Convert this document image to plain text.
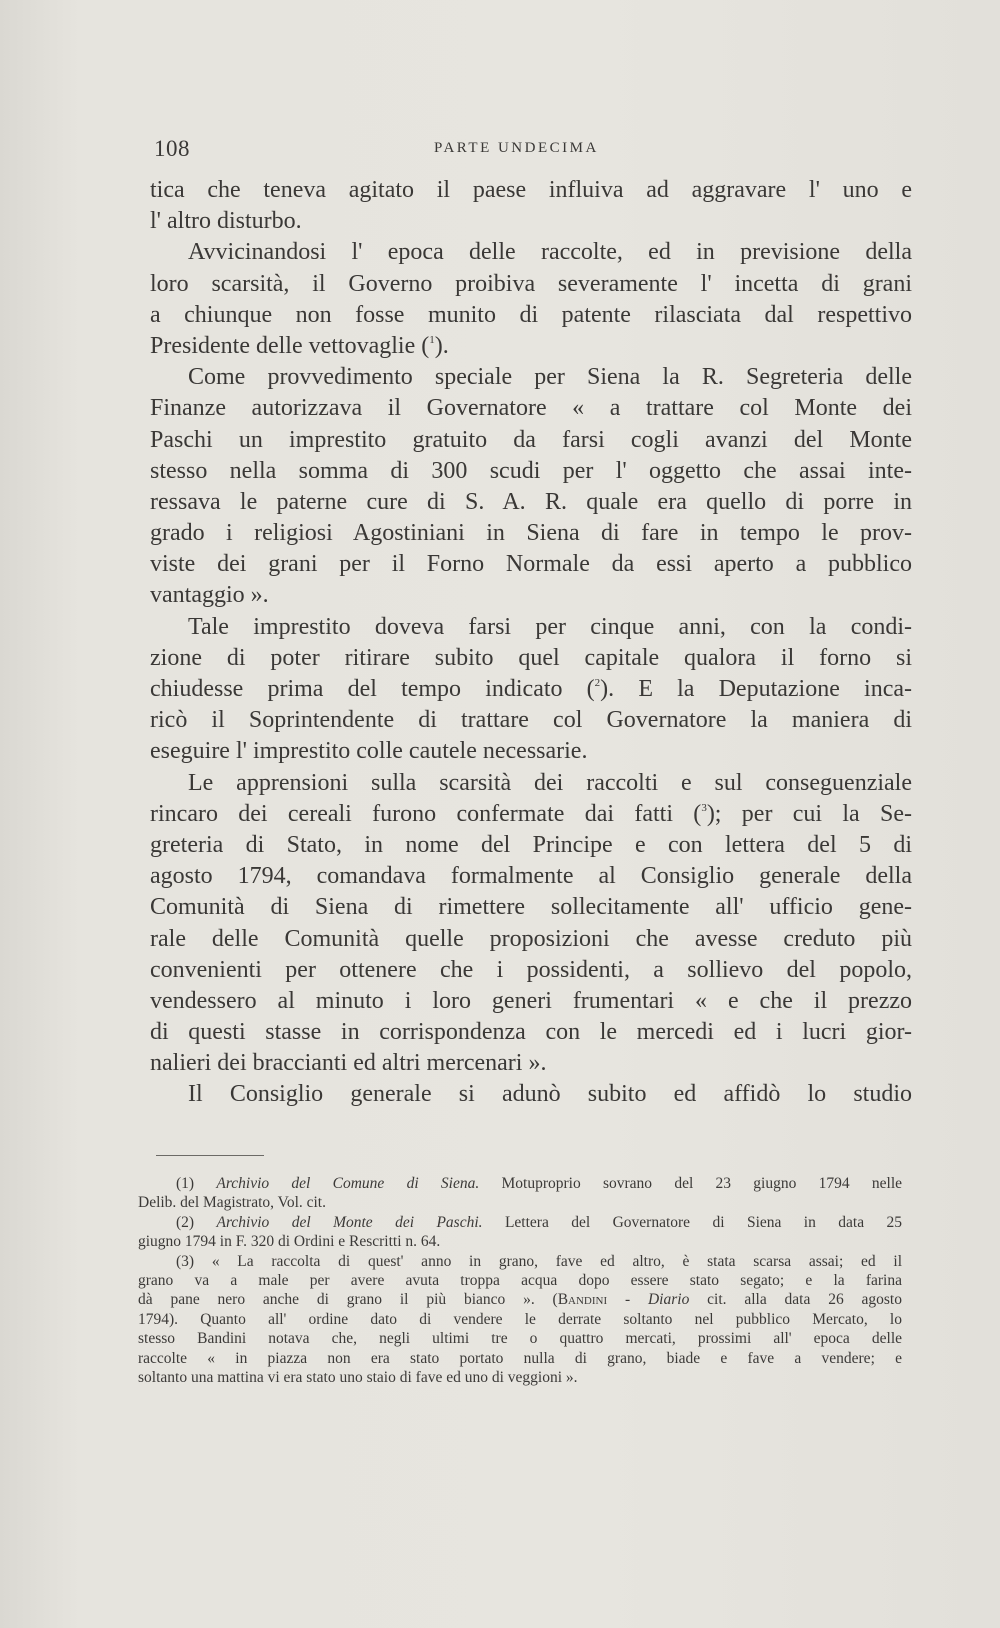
108	PARTE UNDECIMA
tica che teneva agitato il paese influiva ad aggravare l' uno e
l' altro disturbo.
Avvicinandosi l' epoca delle raccolte, ed in previsione della
loro scarsità, il Governo proibiva severamente l' incetta di grani
a chiunque non fosse munito di patente rilasciata dal respettivo
Presidente delle vettovaglie ($^1$).
Come provvedimento speciale per Siena la R. Segreteria delle
Finanze autorizzava il Governatore « a trattare col Monte dei
Paschi un imprestito gratuito da farsi cogli avanzi del Monte
stesso nella somma di 300 scudi per l' oggetto che assai inte-
ressava le paterne cure di S. A. R. quale era quello di porre in
grado i religiosi Agostiniani in Siena di fare in tempo le prov-
viste dei grani per il Forno Normale da essi aperto a pubblico
vantaggio ».
Tale imprestito doveva farsi per cinque anni, con la condi-
zione di poter ritirare subito quel capitale qualora il forno si
chiudesse prima del tempo indicato ($^2$). E la Deputazione inca-
ricò il Soprintendente di trattare col Governatore la maniera di
eseguire l' imprestito colle cautele necessarie.
Le apprensioni sulla scarsità dei raccolti e sul conseguenziale
rincaro dei cereali furono confermate dai fatti ($^3$); per cui la Se-
greteria di Stato, in nome del Principe e con lettera del 5 di
agosto 1794, comandava formalmente al Consiglio generale della
Comunità di Siena di rimettere sollecitamente all' ufficio gene-
rale delle Comunità quelle proposizioni che avesse creduto più
convenienti per ottenere che i possidenti, a sollievo del popolo,
vendessero al minuto i loro generi frumentari « e che il prezzo
di questi stasse in corrispondenza con le mercedi ed i lucri gior-
nalieri dei braccianti ed altri mercenari ».
Il Consiglio generale si adunò subito ed affidò lo studio
(1) Archivio del Comune di Siena. Motuproprio sovrano del 23 giugno 1794 nelle
Delib. del Magistrato, Vol. cit.
(2) Archivio del Monte dei Paschi. Lettera del Governatore di Siena in data 25
giugno 1794 in F. 320 di Ordini e Rescritti n. 64.
(3) « La raccolta di quest' anno in grano, fave ed altro, è stata scarsa assai; ed il
grano va a male per avere avuta troppa acqua dopo essere stato segato; e la farina
dà pane nero anche di grano il più bianco ». (Bandini - Diario cit. alla data 26 agosto
1794). Quanto all' ordine dato di vendere le derrate soltanto nel pubblico Mercato, lo
stesso Bandini notava che, negli ultimi tre o quattro mercati, prossimi all' epoca delle
raccolte « in piazza non era stato portato nulla di grano, biade e fave a vendere; e
soltanto una mattina vi era stato uno staio di fave ed uno di veggioni ».
